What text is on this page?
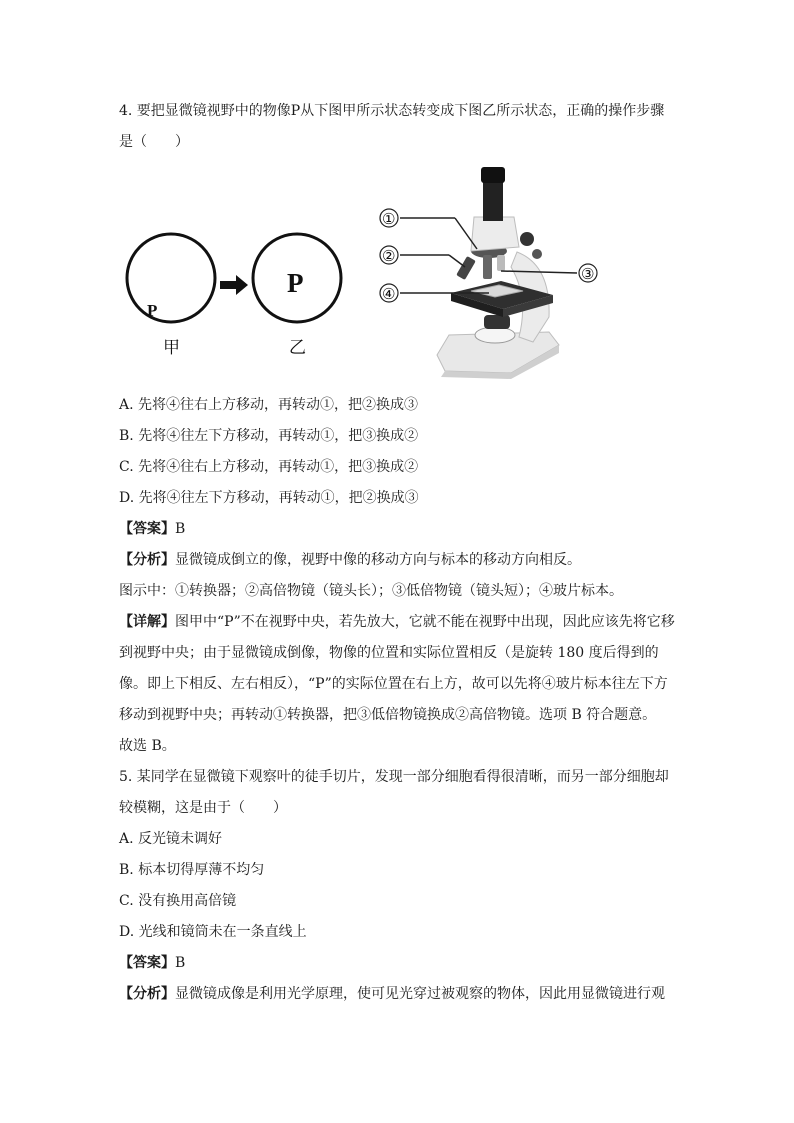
4. 要把显微镜视野中的物像P从下图甲所示状态转变成下图乙所示状态，正确的操作步骤
是（　　）
P
甲
P
乙
①
②
③
④
A. 先将④往右上方移动，再转动①，把②换成③
B. 先将④往左下方移动，再转动①，把③换成②
C. 先将④往右上方移动，再转动①，把③换成②
D. 先将④往左下方移动，再转动①，把②换成③
【答案】B
【分析】显微镜成倒立的像，视野中像的移动方向与标本的移动方向相反。
图示中：①转换器；②高倍物镜（镜头长）；③低倍物镜（镜头短）；④玻片标本。
【详解】图甲中“P”不在视野中央，若先放大，它就不能在视野中出现，因此应该先将它移
到视野中央；由于显微镜成倒像，物像的位置和实际位置相反（是旋转 180 度后得到的
像。即上下相反、左右相反），“P”的实际位置在右上方，故可以先将④玻片标本往左下方
移动到视野中央；再转动①转换器，把③低倍物镜换成②高倍物镜。选项 B 符合题意。
故选 B。
5. 某同学在显微镜下观察叶的徒手切片，发现一部分细胞看得很清晰，而另一部分细胞却
较模糊，这是由于（　　）
A. 反光镜未调好
B. 标本切得厚薄不均匀
C. 没有换用高倍镜
D. 光线和镜筒未在一条直线上
【答案】B
【分析】显微镜成像是利用光学原理，使可见光穿过被观察的物体，因此用显微镜进行观
